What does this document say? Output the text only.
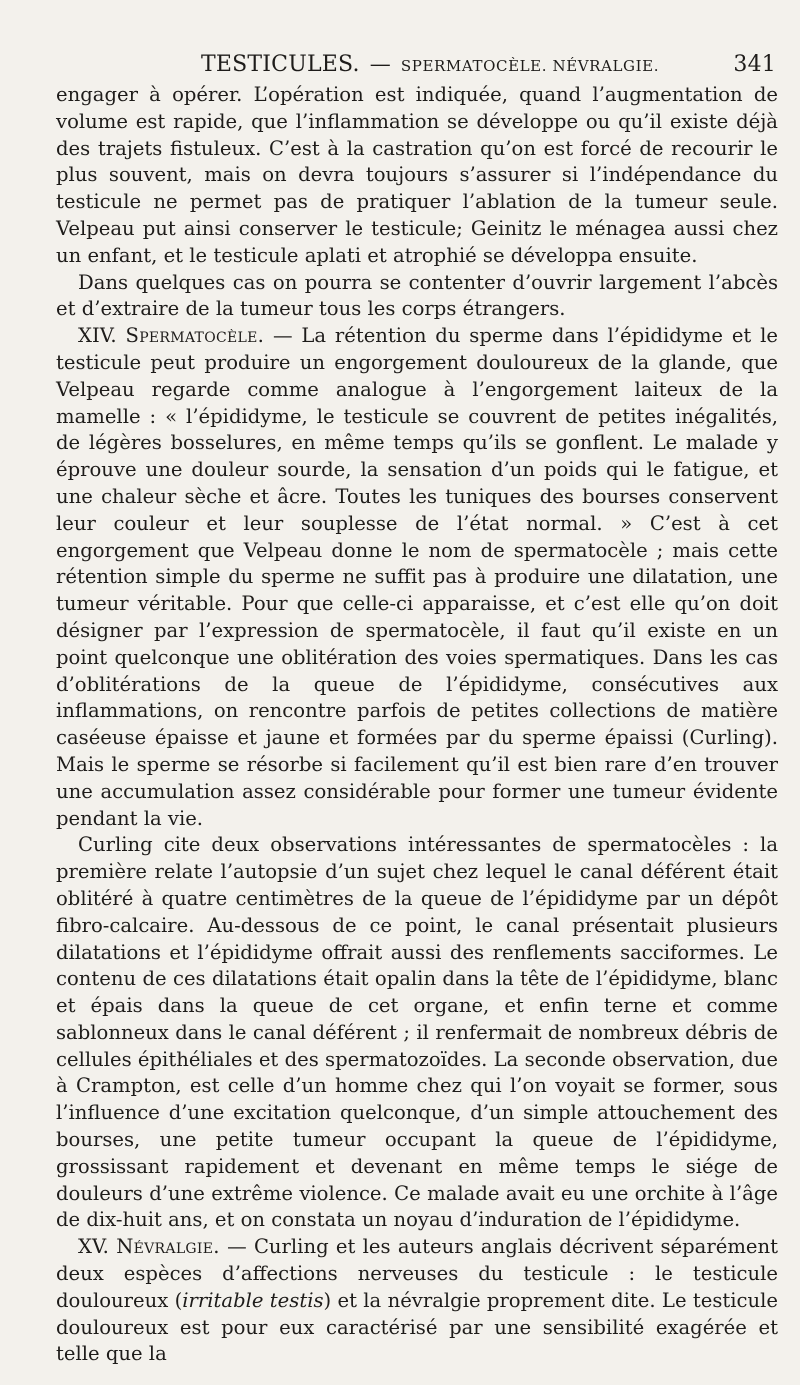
TESTICULES. — SPERMATOCÈLE. NÉVRALGIE.	341

engager à opérer. L’opération est indiquée, quand l’augmentation de volume est rapide, que l’inflammation se développe ou qu’il existe déjà des trajets fistuleux. C’est à la castration qu’on est forcé de recourir le plus souvent, mais on devra toujours s’assurer si l’indépendance du testicule ne permet pas de pratiquer l’ablation de la tumeur seule. Velpeau put ainsi conserver le testicule; Geinitz le ménagea aussi chez un enfant, et le testicule aplati et atrophié se développa ensuite.

Dans quelques cas on pourra se contenter d’ouvrir largement l’abcès et d’extraire de la tumeur tous les corps étrangers.

XIV. Spermatocèle. — La rétention du sperme dans l’épididyme et le testicule peut produire un engorgement douloureux de la glande, que Velpeau regarde comme analogue à l’engorgement laiteux de la mamelle : « l’épididyme, le testicule se couvrent de petites inégalités, de légères bosselures, en même temps qu’ils se gonflent. Le malade y éprouve une douleur sourde, la sensation d’un poids qui le fatigue, et une chaleur sèche et âcre. Toutes les tuniques des bourses conservent leur couleur et leur souplesse de l’état normal. » C’est à cet engorgement que Velpeau donne le nom de spermatocèle ; mais cette rétention simple du sperme ne suffit pas à produire une dilatation, une tumeur véritable. Pour que celle-ci apparaisse, et c’est elle qu’on doit désigner par l’expression de spermatocèle, il faut qu’il existe en un point quelconque une oblitération des voies spermatiques. Dans les cas d’oblitérations de la queue de l’épididyme, consécutives aux inflammations, on rencontre parfois de petites collections de matière caséeuse épaisse et jaune et formées par du sperme épaissi (Curling). Mais le sperme se résorbe si facilement qu’il est bien rare d’en trouver une accumulation assez considérable pour former une tumeur évidente pendant la vie.

Curling cite deux observations intéressantes de spermatocèles : la première relate l’autopsie d’un sujet chez lequel le canal déférent était oblitéré à quatre centimètres de la queue de l’épididyme par un dépôt fibro-calcaire. Au-dessous de ce point, le canal présentait plusieurs dilatations et l’épididyme offrait aussi des renflements sacciformes. Le contenu de ces dilatations était opalin dans la tête de l’épididyme, blanc et épais dans la queue de cet organe, et enfin terne et comme sablonneux dans le canal déférent ; il renfermait de nombreux débris de cellules épithéliales et des spermatozoïdes. La seconde observation, due à Crampton, est celle d’un homme chez qui l’on voyait se former, sous l’influence d’une excitation quelconque, d’un simple attouchement des bourses, une petite tumeur occupant la queue de l’épididyme, grossissant rapidement et devenant en même temps le siége de douleurs d’une extrême violence. Ce malade avait eu une orchite à l’âge de dix-huit ans, et on constata un noyau d’induration de l’épididyme.

XV. Névralgie. — Curling et les auteurs anglais décrivent séparément deux espèces d’affections nerveuses du testicule : le testicule douloureux (irritable testis) et la névralgie proprement dite. Le testicule douloureux est pour eux caractérisé par une sensibilité exagérée et telle que la
